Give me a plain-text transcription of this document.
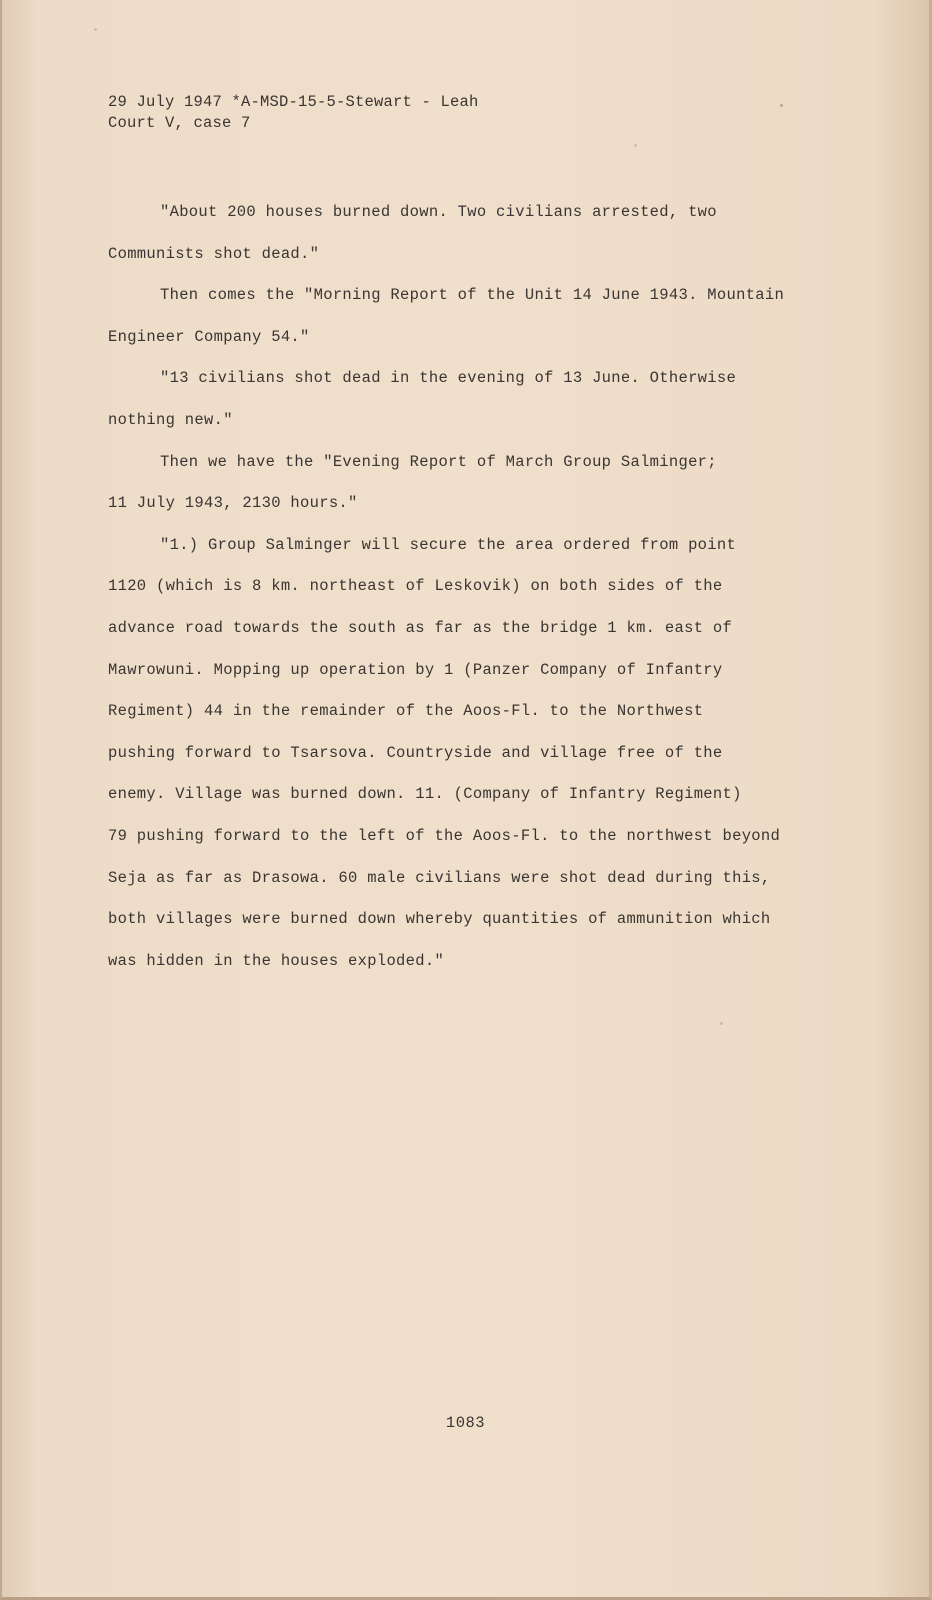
29 July 1947 *A-MSD-15-5-Stewart - Leah
Court V, case 7
"About 200 houses burned down. Two civilians arrested, two
Communists shot dead."
Then comes the "Morning Report of the Unit 14 June 1943. Mountain
Engineer Company 54."
"13 civilians shot dead in the evening of 13 June. Otherwise
nothing new."
Then we have the "Evening Report of March Group Salminger;
11 July 1943, 2130 hours."
"1.) Group Salminger will secure the area ordered from point
1120 (which is 8 km. northeast of Leskovik) on both sides of the
advance road towards the south as far as the bridge 1 km. east of
Mawrowuni. Mopping up operation by 1 (Panzer Company of Infantry
Regiment) 44 in the remainder of the Aoos-Fl. to the Northwest
pushing forward to Tsarsova. Countryside and village free of the
enemy. Village was burned down. 11. (Company of Infantry Regiment)
79 pushing forward to the left of the Aoos-Fl. to the northwest beyond
Seja as far as Drasowa. 60 male civilians were shot dead during this,
both villages were burned down whereby quantities of ammunition which
was hidden in the houses exploded."
1083
